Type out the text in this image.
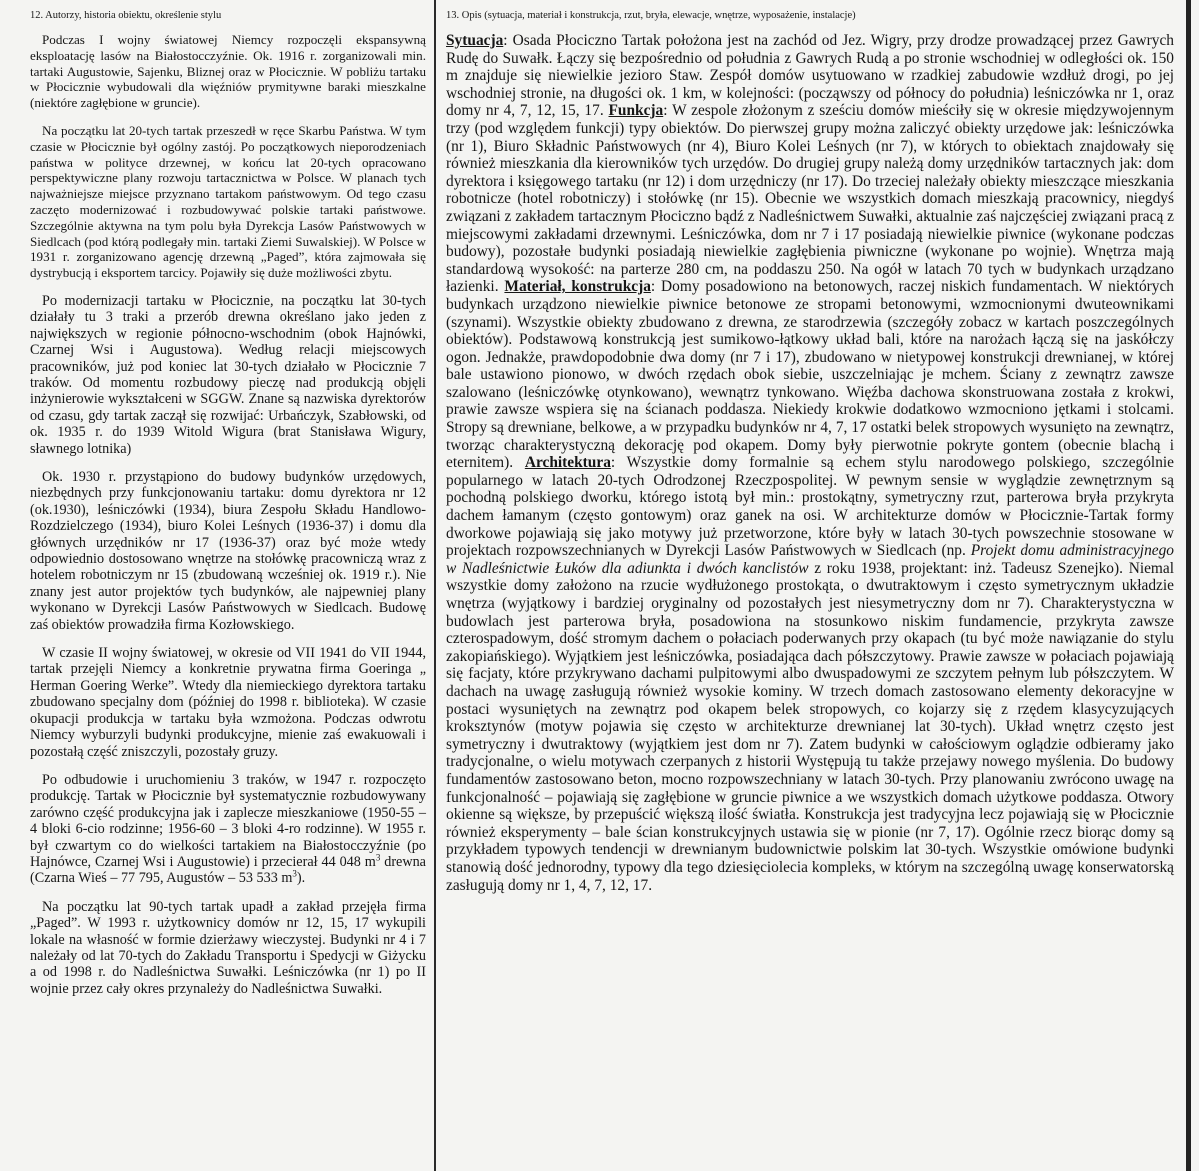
12. Autorzy, historia obiektu, określenie stylu

Podczas I wojny światowej Niemcy rozpoczęli ekspansywną eksploatację lasów na Białostocczyźnie. Ok. 1916 r. zorganizowali min. tartaki Augustowie, Sajenku, Bliznej oraz w Płocicznie. W pobliżu tartaku w Płocicznie wybudowali dla więźniów prymitywne baraki mieszkalne (niektóre zagłębione w gruncie).

Na początku lat 20-tych tartak przeszedł w ręce Skarbu Państwa. W tym czasie w Płocicznie był ogólny zastój. Po początkowych nieporodzeniach państwa w polityce drzewnej, w końcu lat 20-tych opracowano perspektywiczne plany rozwoju tartacznictwa w Polsce. W planach tych najważniejsze miejsce przyznano tartakom państwowym. Od tego czasu zaczęto modernizować i rozbudowywać polskie tartaki państwowe. Szczególnie aktywna na tym polu była Dyrekcja Lasów Państwowych w Siedlcach (pod którą podlegały min. tartaki Ziemi Suwalskiej). W Polsce w 1931 r. zorganizowano agencję drzewną „Paged”, która zajmowała się dystrybucją i eksportem tarcicy. Pojawiły się duże możliwości zbytu.

Po modernizacji tartaku w Płocicznie, na początku lat 30-tych działały tu 3 traki a przerób drewna określano jako jeden z największych w regionie północno-wschodnim (obok Hajnówki, Czarnej Wsi i Augustowa). Według relacji miejscowych pracowników, już pod koniec lat 30-tych działało w Płocicznie 7 traków. Od momentu rozbudowy pieczę nad produkcją objęli inżynierowie wykształceni w SGGW. Znane są nazwiska dyrektorów od czasu, gdy tartak zaczął się rozwijać: Urbańczyk, Szabłowski, od ok. 1935 r. do 1939 Witold Wigura (brat Stanisława Wigury, sławnego lotnika)

Ok. 1930 r. przystąpiono do budowy budynków urzędowych, niezbędnych przy funkcjonowaniu tartaku: domu dyrektora nr 12 (ok.1930), leśniczówki (1934), biura Zespołu Składu Handlowo-Rozdzielczego (1934), biuro Kolei Leśnych (1936-37) i domu dla głównych urzędników nr 17 (1936-37) oraz być może wtedy odpowiednio dostosowano wnętrze na stołówkę pracowniczą wraz z hotelem robotniczym nr 15 (zbudowaną wcześniej ok. 1919 r.). Nie znany jest autor projektów tych budynków, ale najpewniej plany wykonano w Dyrekcji Lasów Państwowych w Siedlcach. Budowę zaś obiektów prowadziła firma Kozłowskiego.

W czasie II wojny światowej, w okresie od VII 1941 do VII 1944, tartak przejęli Niemcy a konkretnie prywatna firma Goeringa „ Herman Goering Werke”. Wtedy dla niemieckiego dyrektora tartaku zbudowano specjalny dom (później do 1998 r. biblioteka). W czasie okupacji produkcja w tartaku była wzmożona. Podczas odwrotu Niemcy wyburzyli budynki produkcyjne, mienie zaś ewakuowali i pozostałą część zniszczyli, pozostały gruzy.

Po odbudowie i uruchomieniu 3 traków, w 1947 r. rozpoczęto produkcję. Tartak w Płocicznie był systematycznie rozbudowywany zarówno część produkcyjna jak i zaplecze mieszkaniowe (1950-55 – 4 bloki 6-cio rodzinne; 1956-60 – 3 bloki 4-ro rodzinne). W 1955 r. był czwartym co do wielkości tartakiem na Białostocczyźnie (po Hajnówce, Czarnej Wsi i Augustowie) i przecierał 44 048 $m^3$ drewna (Czarna Wieś – 77 795, Augustów – 53 533 $m^3$).

Na początku lat 90-tych tartak upadł a zakład przejęła firma „Paged”. W 1993 r. użytkownicy domów nr 12, 15, 17 wykupili lokale na własność w formie dzierżawy wieczystej. Budynki nr 4 i 7 należały od lat 70-tych do Zakładu Transportu i Spedycji w Giżycku a od 1998 r. do Nadleśnictwa Suwałki. Leśniczówka (nr 1) po II wojnie przez cały okres przynależy do Nadleśnictwa Suwałki.

13. Opis (sytuacja, materiał i konstrukcja, rzut, bryła, elewacje, wnętrze, wyposażenie, instalacje)

Sytuacja: Osada Płociczno Tartak położona jest na zachód od Jez. Wigry, przy drodze prowadzącej przez Gawrych Rudę do Suwałk. Łączy się bezpośrednio od południa z Gawrych Rudą a po stronie wschodniej w odległości ok. 150 m znajduje się niewielkie jezioro Staw. Zespół domów usytuowano w rzadkiej zabudowie wzdłuż drogi, po jej wschodniej stronie, na długości ok. 1 km, w kolejności: (począwszy od północy do południa) leśniczówka nr 1, oraz domy nr 4, 7, 12, 15, 17. Funkcja: W zespole złożonym z sześciu domów mieściły się w okresie międzywojennym trzy (pod względem funkcji) typy obiektów. Do pierwszej grupy można zaliczyć obiekty urzędowe jak: leśniczówka (nr 1), Biuro Składnic Państwowych (nr 4), Biuro Kolei Leśnych (nr 7), w których to obiektach znajdowały się również mieszkania dla kierowników tych urzędów. Do drugiej grupy należą domy urzędników tartacznych jak: dom dyrektora i księgowego tartaku (nr 12) i dom urzędniczy (nr 17). Do trzeciej należały obiekty mieszczące mieszkania robotnicze (hotel robotniczy) i stołówkę (nr 15). Obecnie we wszystkich domach mieszkają pracownicy, niegdyś związani z zakładem tartacznym Płociczno bądź z Nadleśnictwem Suwałki, aktualnie zaś najczęściej związani pracą z miejscowymi zakładami drzewnymi. Leśniczówka, dom nr 7 i 17 posiadają niewielkie piwnice (wykonane podczas budowy), pozostałe budynki posiadają niewielkie zagłębienia piwniczne (wykonane po wojnie). Wnętrza mają standardową wysokość: na parterze 280 cm, na poddaszu 250. Na ogół w latach 70 tych w budynkach urządzano łazienki. Materiał, konstrukcja: Domy posadowiono na betonowych, raczej niskich fundamentach. W niektórych budynkach urządzono niewielkie piwnice betonowe ze stropami betonowymi, wzmocnionymi dwuteownikami (szynami). Wszystkie obiekty zbudowano z drewna, ze starodrzewia (szczegóły zobacz w kartach poszczególnych obiektów). Podstawową konstrukcją jest sumikowo-łątkowy układ bali, które na narożach łączą się na jaskółczy ogon. Jednakże, prawdopodobnie dwa domy (nr 7 i 17), zbudowano w nietypowej konstrukcji drewnianej, w której bale ustawiono pionowo, w dwóch rzędach obok siebie, uszczelniając je mchem. Ściany z zewnątrz zawsze szalowano (leśniczówkę otynkowano), wewnątrz tynkowano. Więźba dachowa skonstruowana została z krokwi, prawie zawsze wspiera się na ścianach poddasza. Niekiedy krokwie dodatkowo wzmocniono jętkami i stolcami. Stropy są drewniane, belkowe, a w przypadku budynków nr 4, 7, 17 ostatki belek stropowych wysunięto na zewnątrz, tworząc charakterystyczną dekorację pod okapem. Domy były pierwotnie pokryte gontem (obecnie blachą i eternitem). Architektura: Wszystkie domy formalnie są echem stylu narodowego polskiego, szczególnie popularnego w latach 20-tych Odrodzonej Rzeczpospolitej. W pewnym sensie w wyglądzie zewnętrznym są pochodną polskiego dworku, którego istotą był min.: prostokątny, symetryczny rzut, parterowa bryła przykryta dachem łamanym (często gontowym) oraz ganek na osi. W architekturze domów w Płocicznie-Tartak formy dworkowe pojawiają się jako motywy już przetworzone, które były w latach 30-tych powszechnie stosowane w projektach rozpowszechnianych w Dyrekcji Lasów Państwowych w Siedlcach (np. Projekt domu administracyjnego w Nadleśnictwie Łuków dla adiunkta i dwóch kanclistów z roku 1938, projektant: inż. Tadeusz Szenejko). Niemal wszystkie domy założono na rzucie wydłużonego prostokąta, o dwutraktowym i często symetrycznym układzie wnętrza (wyjątkowy i bardziej oryginalny od pozostałych jest niesymetryczny dom nr 7). Charakterystyczna w budowlach jest parterowa bryła, posadowiona na stosunkowo niskim fundamencie, przykryta zawsze czterospadowym, dość stromym dachem o połaciach poderwanych przy okapach (tu być może nawiązanie do stylu zakopiańskiego). Wyjątkiem jest leśniczówka, posiadająca dach półszczytowy. Prawie zawsze w połaciach pojawiają się facjaty, które przykrywano dachami pulpitowymi albo dwuspadowymi ze szczytem pełnym lub półszczytem. W dachach na uwagę zasługują również wysokie kominy. W trzech domach zastosowano elementy dekoracyjne w postaci wysuniętych na zewnątrz pod okapem belek stropowych, co kojarzy się z rzędem klasycyzujących kroksztynów (motyw pojawia się często w architekturze drewnianej lat 30-tych). Układ wnętrz często jest symetryczny i dwutraktowy (wyjątkiem jest dom nr 7). Zatem budynki w całościowym oglądzie odbieramy jako tradycjonalne, o wielu motywach czerpanych z historii Występują tu także przejawy nowego myślenia. Do budowy fundamentów zastosowano beton, mocno rozpowszechniany w latach 30-tych. Przy planowaniu zwrócono uwagę na funkcjonalność – pojawiają się zagłębione w gruncie piwnice a we wszystkich domach użytkowe poddasza. Otwory okienne są większe, by przepuścić większą ilość światła. Konstrukcja jest tradycyjna lecz pojawiają się w Płocicznie również eksperymenty – bale ścian konstrukcyjnych ustawia się w pionie (nr 7, 17). Ogólnie rzecz biorąc domy są przykładem typowych tendencji w drewnianym budownictwie polskim lat 30-tych. Wszystkie omówione budynki stanowią dość jednorodny, typowy dla tego dziesięciolecia kompleks, w którym na szczególną uwagę konserwatorską zasługują domy nr 1, 4, 7, 12, 17.
